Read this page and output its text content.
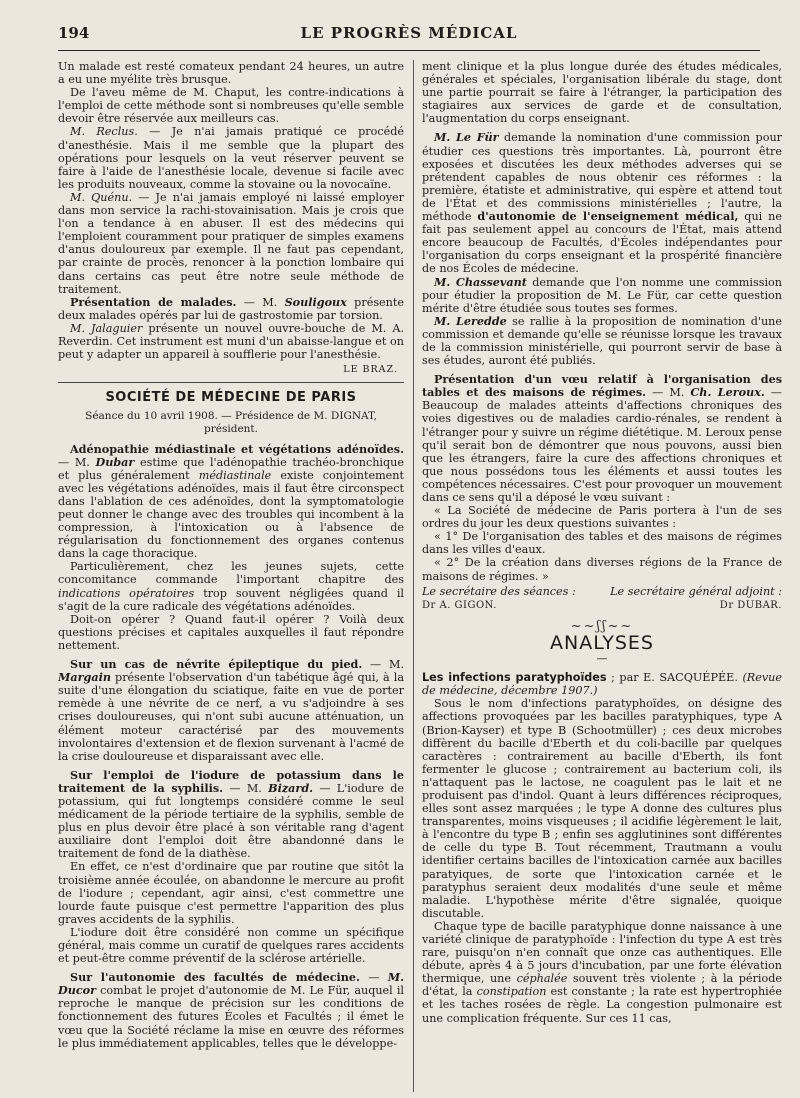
194	LE PROGRÈS MÉDICAL

Un malade est resté comateux pendant 24 heures, un autre a eu une myélite très brusque.

De l'aveu même de M. Chaput, les contre-indications à l'emploi de cette méthode sont si nombreuses qu'elle semble devoir être réservée aux meilleurs cas.

M. Reclus. — Je n'ai jamais pratiqué ce procédé d'anesthésie. Mais il me semble que la plupart des opérations pour lesquels on la veut réserver peuvent se faire à l'aide de l'anesthésie locale, devenue si facile avec les produits nouveaux, comme la stovaine ou la novocaïne.

M. Quénu. — Je n'ai jamais employé ni laissé employer dans mon service la rachi-stovainisation. Mais je crois que l'on a tendance à en abuser. Il est des médecins qui l'emploient couramment pour pratiquer de simples examens d'anus douloureux par exemple. Il ne faut pas cependant, par crainte de procès, renoncer à la ponction lombaire qui dans certains cas peut être notre seule méthode de traitement.

Présentation de malades. — M. Souligoux présente deux malades opérés par lui de gastrostomie par torsion.

M. Jalaguier présente un nouvel ouvre-bouche de M. A. Reverdin. Cet instrument est muni d'un abaisse-langue et on peut y adapter un appareil à soufflerie pour l'anesthésie.

LE BRAZ.
SOCIÉTÉ DE MÉDECINE DE PARIS

Séance du 10 avril 1908. — Présidence de M. DIGNAT, président.

Adénopathie médiastinale et végétations adénoïdes. — M. Dubar estime que l'adénopathie trachéo-bronchique et plus généralement médiastinale existe conjointement avec les végétations adénoïdes, mais il faut être circonspect dans l'ablation de ces adénoïdes, dont la symptomatologie peut donner le change avec des troubles qui incombent à la compression, à l'intoxication ou à l'absence de régularisation du fonctionnement des organes contenus dans la cage thoracique.

Particulièrement, chez les jeunes sujets, cette concomitance commande l'important chapitre des indications opératoires trop souvent négligées quand il s'agit de la cure radicale des végétations adénoïdes.

Doit-on opérer ? Quand faut-il opérer ? Voilà deux questions précises et capitales auxquelles il faut répondre nettement.

Sur un cas de névrite épileptique du pied. — M. Margain présente l'observation d'un tabétique âgé qui, à la suite d'une élongation du sciatique, faite en vue de porter remède à une névrite de ce nerf, a vu s'adjoindre à ses crises douloureuses, qui n'ont subi aucune atténuation, un élément moteur caractérisé par des mouvements involontaires d'extension et de flexion survenant à l'acmé de la crise douloureuse et disparaissant avec elle.

Sur l'emploi de l'iodure de potassium dans le traitement de la syphilis. — M. Bizard. — L'iodure de potassium, qui fut longtemps considéré comme le seul médicament de la période tertiaire de la syphilis, semble de plus en plus devoir être placé à son véritable rang d'agent auxiliaire dont l'emploi doit être abandonné dans le traitement de fond de la diathèse.

En effet, ce n'est d'ordinaire que par routine que sitôt la troisième année écoulée, on abandonne le mercure au profit de l'iodure ; cependant, agir ainsi, c'est commettre une lourde faute puisque c'est permettre l'apparition des plus graves accidents de la syphilis.

L'iodure doit être considéré non comme un spécifique général, mais comme un curatif de quelques rares accidents et peut-être comme préventif de la sclérose artérielle.

Sur l'autonomie des facultés de médecine. — M. Ducor combat le projet d'autonomie de M. Le Für, auquel il reproche le manque de précision sur les conditions de fonctionnement des futures Écoles et Facultés ; il émet le vœu que la Société réclame la mise en œuvre des réformes le plus immédiatement applicables, telles que le développe-

ment clinique et la plus longue durée des études médicales, générales et spéciales, l'organisation libérale du stage, dont une partie pourrait se faire à l'étranger, la participation des stagiaires aux services de garde et de consultation, l'augmentation du corps enseignant.

M. Le Für demande la nomination d'une commission pour étudier ces questions très importantes. Là, pourront être exposées et discutées les deux méthodes adverses qui se prétendent capables de nous obtenir ces réformes : la première, étatiste et administrative, qui espère et attend tout de l'État et des commissions ministérielles ; l'autre, la méthode d'autonomie de l'enseignement médical, qui ne fait pas seulement appel au concours de l'État, mais attend encore beaucoup de Facultés, d'Écoles indépendantes pour l'organisation du corps enseignant et la prospérité financière de nos Écoles de médecine.

M. Chassevant demande que l'on nomme une commission pour étudier la proposition de M. Le Für, car cette question mérite d'être étudiée sous toutes ses formes.

M. Leredde se rallie à la proposition de nomination d'une commission et demande qu'elle se réunisse lorsque les travaux de la commission ministérielle, qui pourront servir de base à ses études, auront été publiés.

Présentation d'un vœu relatif à l'organisation des tables et des maisons de régimes. — M. Ch. Leroux. — Beaucoup de malades atteints d'affections chroniques des voies digestives ou de maladies cardio-rénales, se rendent à l'étranger pour y suivre un régime diététique. M. Leroux pense qu'il serait bon de démontrer que nous pouvons, aussi bien que les étrangers, faire la cure des affections chroniques et que nous possédons tous les éléments et aussi toutes les compétences nécessaires. C'est pour provoquer un mouvement dans ce sens qu'il a déposé le vœu suivant :

« La Société de médecine de Paris portera à l'un de ses ordres du jour les deux questions suivantes :

« 1° De l'organisation des tables et des maisons de régimes dans les villes d'eaux.

« 2° De la création dans diverses régions de la France de maisons de régimes. »

Le secrétaire des séances :	Le secrétaire général adjoint :
Dr A. GIGON.	Dr DUBAR.
~~ʃʃ~~
ANALYSES
—

Les infections paratyphoïdes ; par E. SACQUÉPÉE. (Revue de médecine, décembre 1907.)

Sous le nom d'infections paratyphoïdes, on désigne des affections provoquées par les bacilles paratyphiques, type A (Brion-Kayser) et type B (Schootmüller) ; ces deux microbes diffèrent du bacille d'Eberth et du coli-bacille par quelques caractères : contrairement au bacille d'Eberth, ils font fermenter le glucose ; contrairement au bacterium coli, ils n'attaquent pas le lactose, ne coagulent pas le lait et ne produisent pas d'indol. Quant à leurs différences réciproques, elles sont assez marquées ; le type A donne des cultures plus transparentes, moins visqueuses ; il acidifie légèrement le lait, à l'encontre du type B ; enfin ses agglutinines sont différentes de celle du type B. Tout récemment, Trautmann a voulu identifier certains bacilles de l'intoxication carnée aux bacilles paratyiques, de sorte que l'intoxication carnée et le paratyphus seraient deux modalités d'une seule et même maladie. L'hypothèse mérite d'être signalée, quoique discutable.

Chaque type de bacille paratyphique donne naissance à une variété clinique de paratyphoïde : l'infection du type A est très rare, puisqu'on n'en connaît que onze cas authentiques. Elle débute, après 4 à 5 jours d'incubation, par une forte élévation thermique, une céphalée souvent très violente ; à la période d'état, la constipation est constante ; la rate est hypertrophiée et les taches rosées de règle. La congestion pulmonaire est une complication fréquente. Sur ces 11 cas,
